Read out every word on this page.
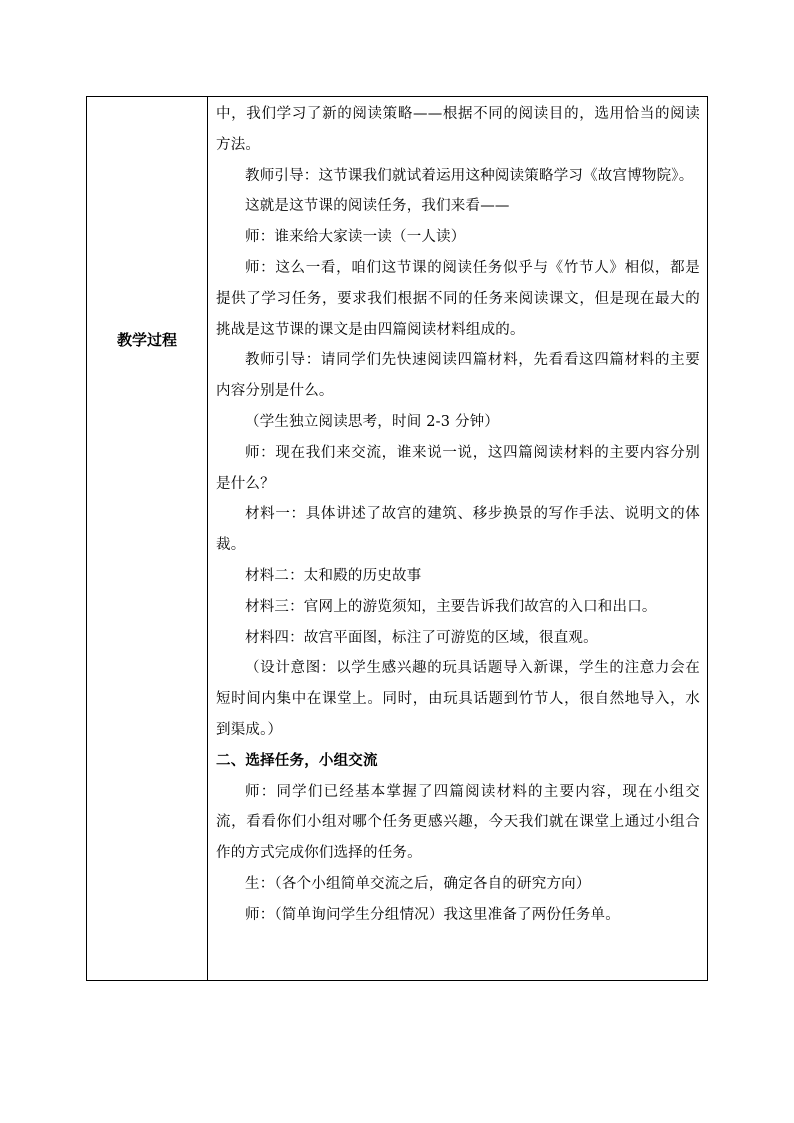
教学过程

中，我们学习了新的阅读策略——根据不同的阅读目的，选用恰当的阅读方法。

教师引导：这节课我们就试着运用这种阅读策略学习《故宫博物院》。

这就是这节课的阅读任务，我们来看——

师：谁来给大家读一读（一人读）

师：这么一看，咱们这节课的阅读任务似乎与《竹节人》相似，都是提供了学习任务，要求我们根据不同的任务来阅读课文，但是现在最大的挑战是这节课的课文是由四篇阅读材料组成的。

教师引导：请同学们先快速阅读四篇材料，先看看这四篇材料的主要内容分别是什么。

（学生独立阅读思考，时间 2-3 分钟）

师：现在我们来交流，谁来说一说，这四篇阅读材料的主要内容分别是什么？

材料一：具体讲述了故宫的建筑、移步换景的写作手法、说明文的体裁。

材料二：太和殿的历史故事

材料三：官网上的游览须知，主要告诉我们故宫的入口和出口。

材料四：故宫平面图，标注了可游览的区域，很直观。

（设计意图：以学生感兴趣的玩具话题导入新课，学生的注意力会在短时间内集中在课堂上。同时，由玩具话题到竹节人，很自然地导入，水到渠成。）

二、选择任务，小组交流

师：同学们已经基本掌握了四篇阅读材料的主要内容，现在小组交流，看看你们小组对哪个任务更感兴趣，今天我们就在课堂上通过小组合作的方式完成你们选择的任务。

生：（各个小组简单交流之后，确定各自的研究方向）

师：（简单询问学生分组情况）我这里准备了两份任务单。
